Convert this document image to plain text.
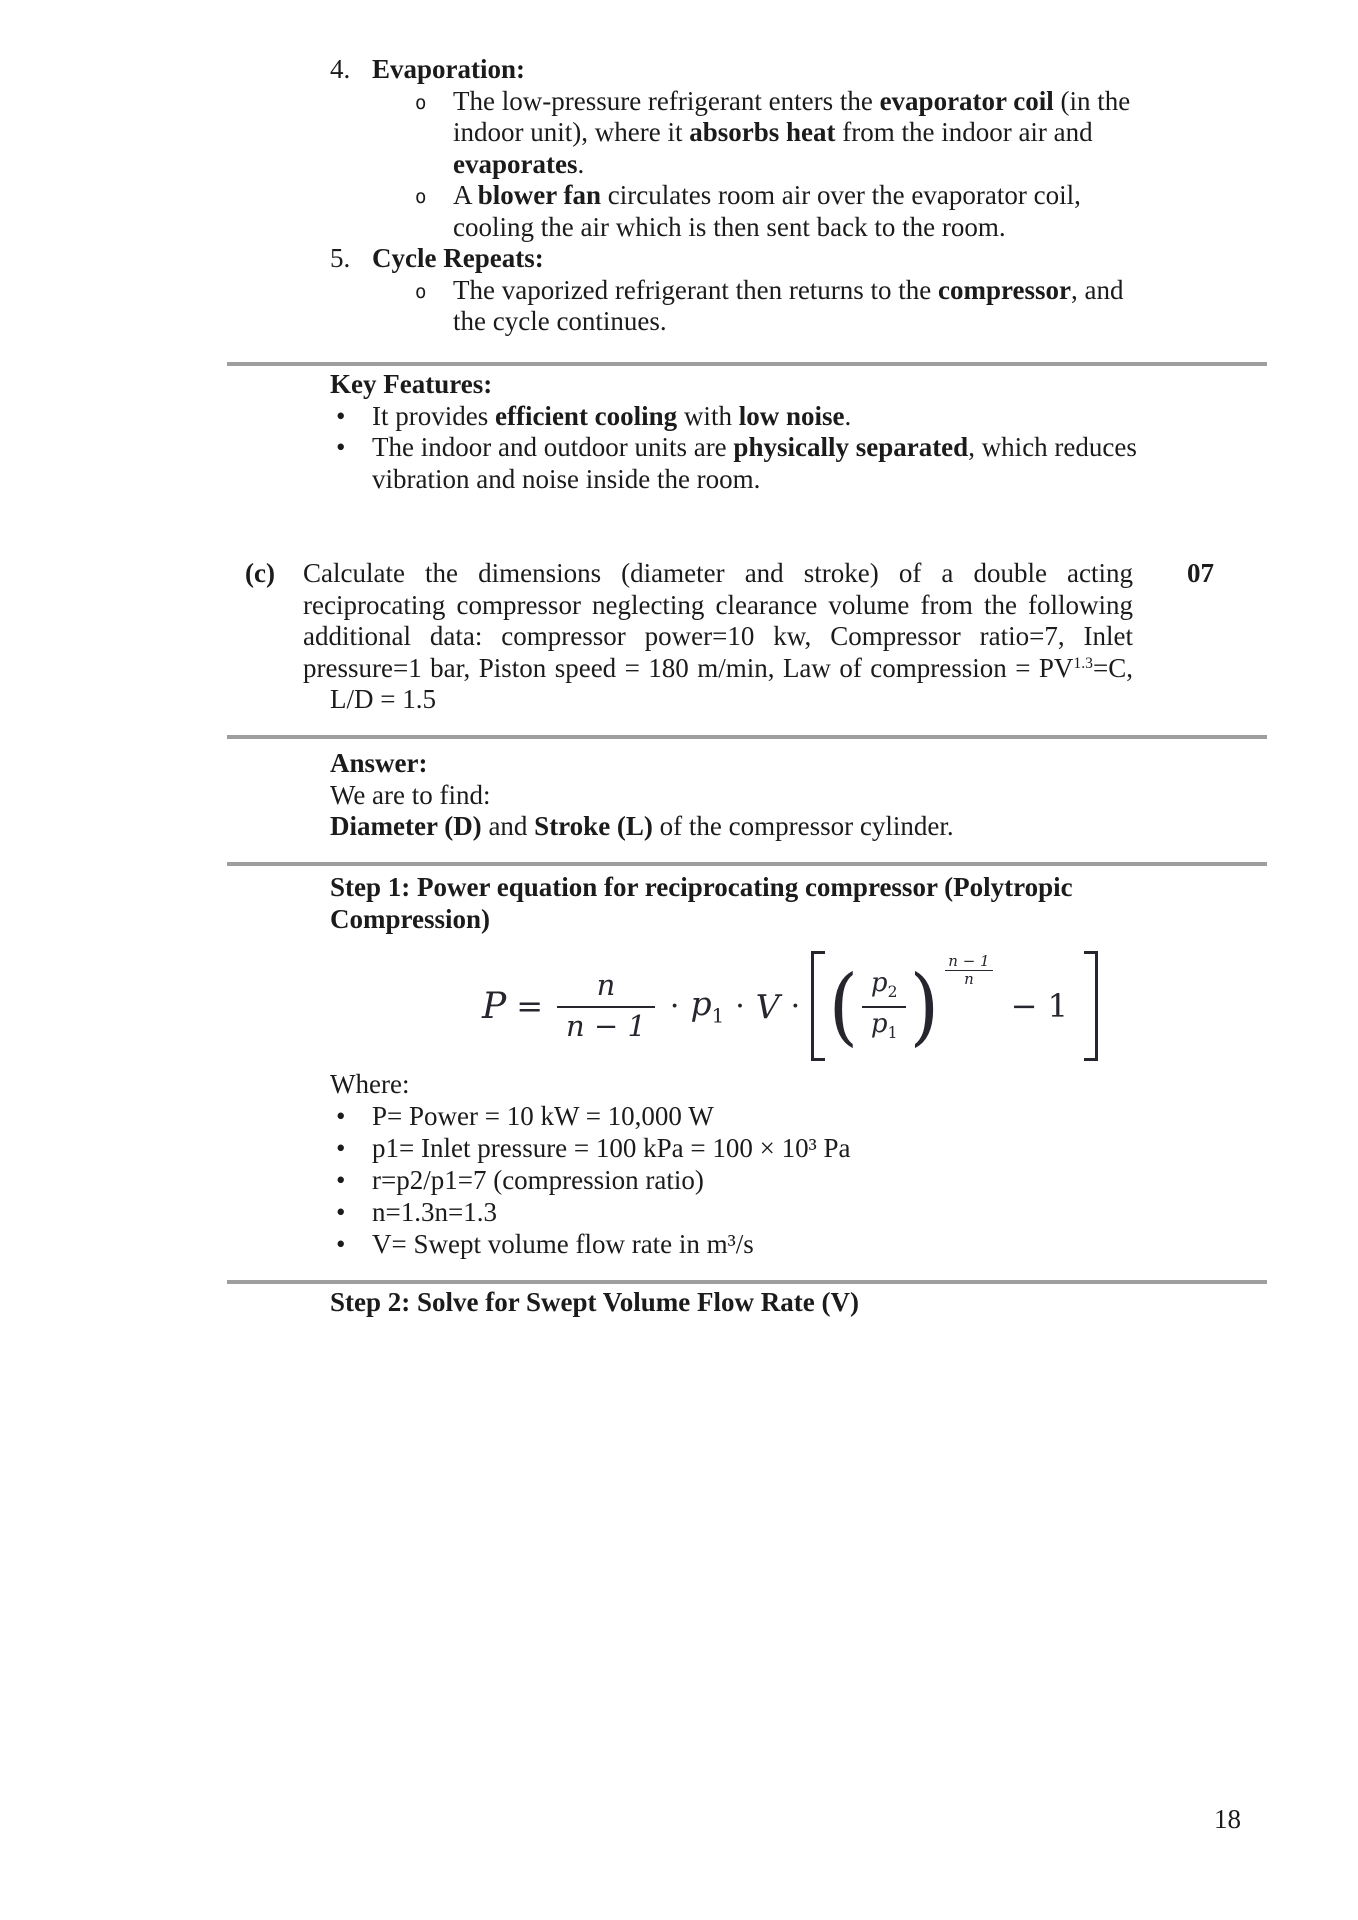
4. Evaporation:
o The low-pressure refrigerant enters the evaporator coil (in the
indoor unit), where it absorbs heat from the indoor air and
evaporates.
o A blower fan circulates room air over the evaporator coil,
cooling the air which is then sent back to the room.
5. Cycle Repeats:
o The vaporized refrigerant then returns to the compressor, and
the cycle continues.
Key Features:
• It provides efficient cooling with low noise.
• The indoor and outdoor units are physically separated, which reduces
vibration and noise inside the room.
(c) Calculate the dimensions (diameter and stroke) of a double acting
reciprocating compressor neglecting clearance volume from the following
additional data: compressor power=10 kw, Compressor ratio=7, Inlet
pressure=1 bar, Piston speed = 180 m/min, Law of compression = $PV^{1.3}=C$,
L/D = 1.5
07
Answer:
We are to find:
Diameter (D) and Stroke (L) of the compressor cylinder.
Step 1: Power equation for reciprocating compressor (Polytropic
Compression)
$P = \frac{n}{n - 1} \cdot p_1 \cdot V$ · ( $\frac{p_2}{p_1}$ ) $\frac{n - 1}{n}$
− 1
Where:
• P= Power = 10 kW = 10,000 W
• p1= Inlet pressure = 100 kPa = 100 × 10³ Pa
• r=p2/p1=7 (compression ratio)
• n=1.3n=1.3
• V= Swept volume flow rate in m³/s
Step 2: Solve for Swept Volume Flow Rate (V)
18
